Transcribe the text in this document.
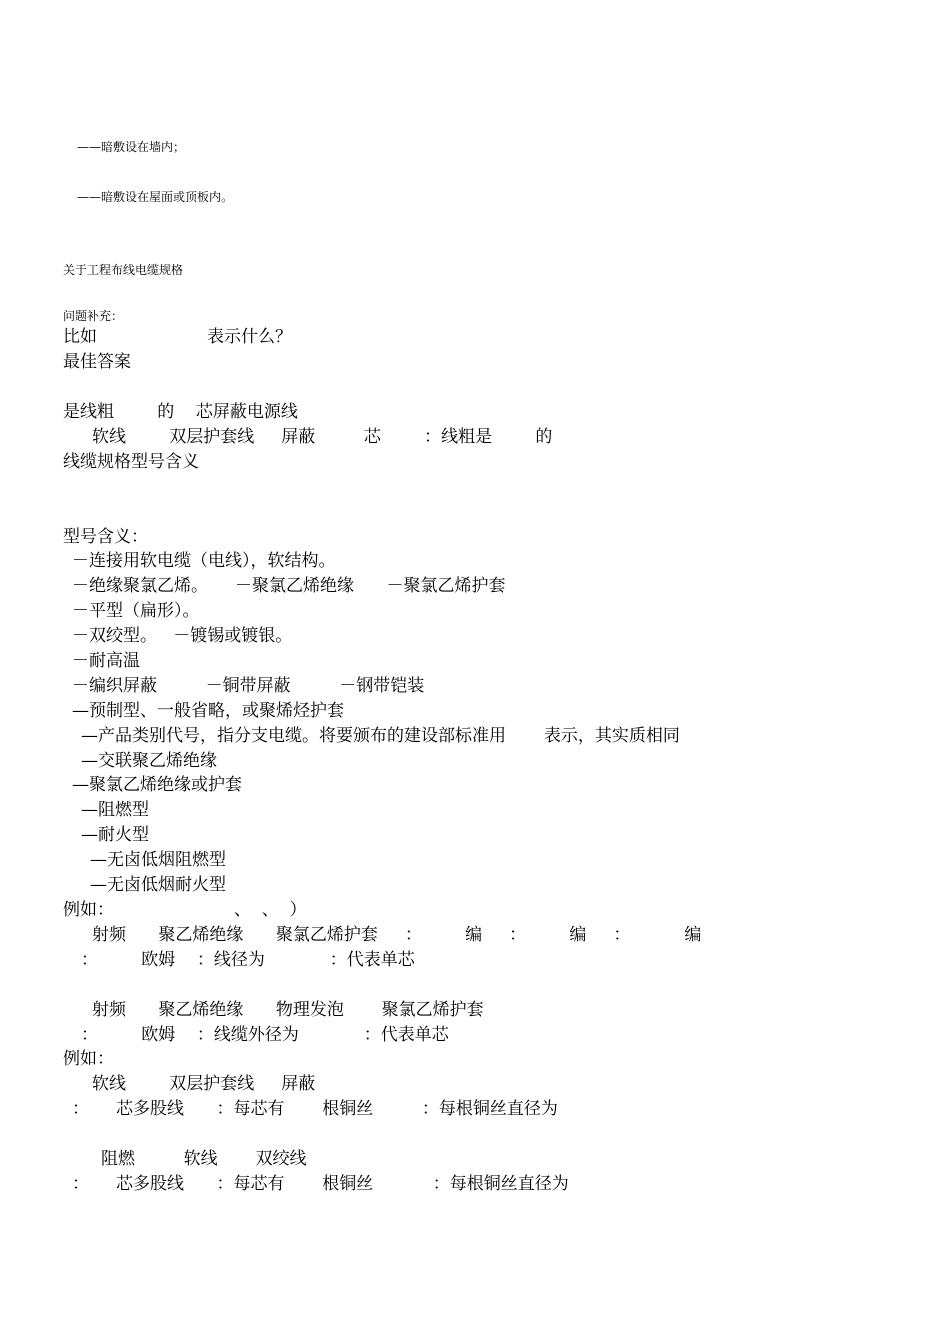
——暗敷设在墙内；
——暗敷设在屋面或顶板内。
关于工程布线电缆规格
问题补充：
比如	表示什么？
最佳答案
是线粗        的    芯屏蔽电源线
软线        双层护套线     屏蔽         芯        ：线粗是        的
线缆规格型号含义
型号含义：
－连接用软电缆（电线），软结构。
－绝缘聚氯乙烯。     －聚氯乙烯绝缘      －聚氯乙烯护套
－平型（扁形）。
－双绞型。   －镀锡或镀银。
－耐高温
－编织屏蔽         －铜带屏蔽         －钢带铠装
—预制型、一般省略，或聚烯烃护套
—产品类别代号，指分支电缆。将要颁布的建设部标准用       表示，其实质相同
—交联聚乙烯绝缘
—聚氯乙烯绝缘或护套
—阻燃型
—耐火型
—无卤低烟阻燃型
—无卤低烟耐火型
例如：	、  、  ）
射频      聚乙烯绝缘      聚氯乙烯护套     ：        编     ：        编     ：          编
：        欧姆    ：线径为            ：代表单芯
射频      聚乙烯绝缘      物理发泡       聚氯乙烯护套
：        欧姆    ：线缆外径为            ：代表单芯
例如：
软线        双层护套线     屏蔽
：     芯多股线      ：每芯有       根铜丝         ：每根铜丝直径为
阻燃         软线       双绞线
：     芯多股线      ：每芯有       根铜丝           ：每根铜丝直径为
